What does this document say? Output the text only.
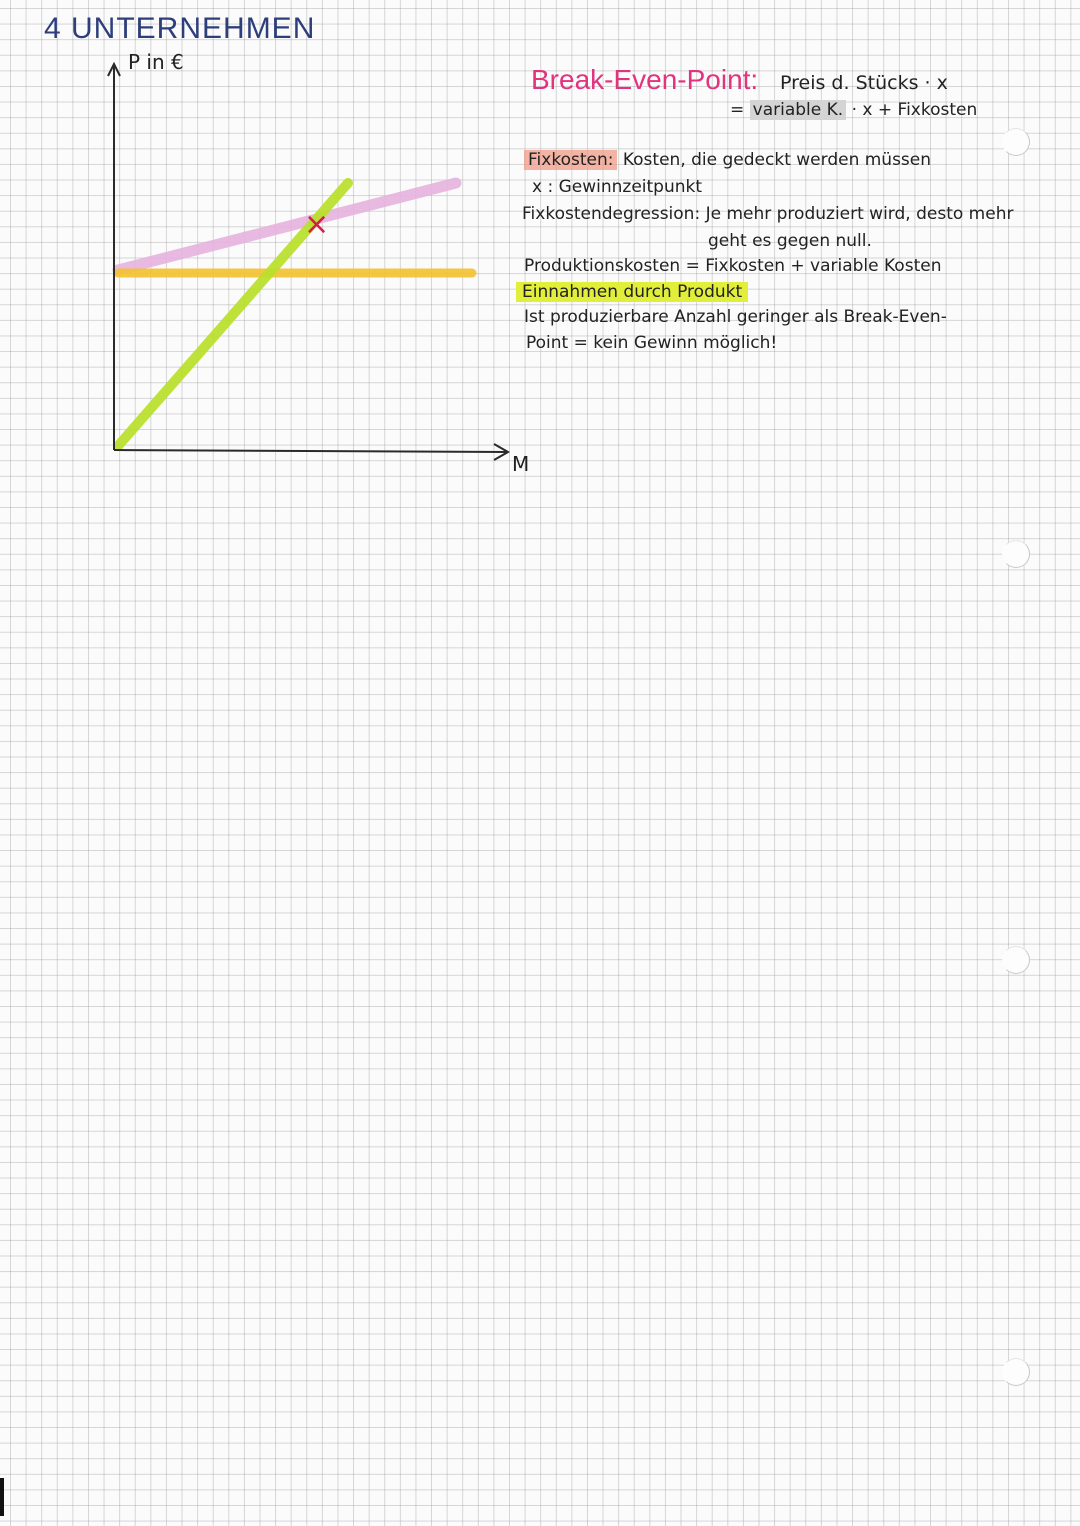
4 UNTERNEHMEN
×
P in €
M
Break-Even-Point: Preis d. Stücks · x
= variable K. · x + Fixkosten
Fixkosten: Kosten, die gedeckt werden müssen
x : Gewinnzeitpunkt
Fixkostendegression: Je mehr produziert wird, desto mehr
geht es gegen null.
Produktionskosten = Fixkosten + variable Kosten
Einnahmen durch Produkt
Ist produzierbare Anzahl geringer als Break-Even-
Point = kein Gewinn möglich!
